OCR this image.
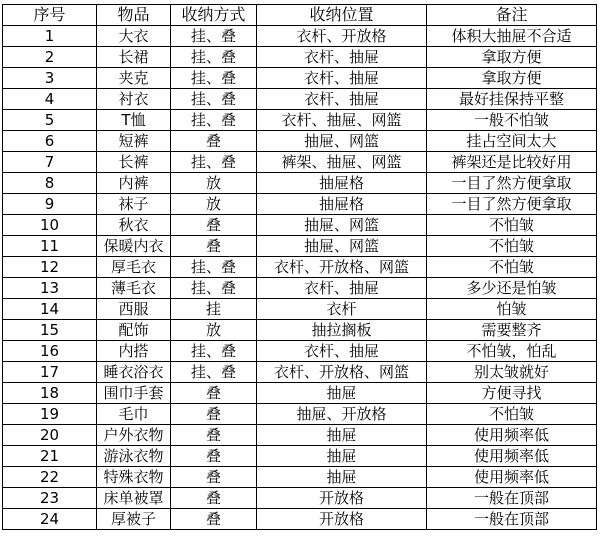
序号	物品	收纳方式	收纳位置	备注
1	大衣	挂、叠	衣杆、开放格	体积大抽屉不合适
2	长裙	挂、叠	衣杆、抽屉	拿取方便
3	夹克	挂、叠	衣杆、抽屉	拿取方便
4	衬衣	挂、叠	衣杆、抽屉	最好挂保持平整
5	T恤	挂、叠	衣杆、抽屉、网篮	一般不怕皱
6	短裤	叠	抽屉、网篮	挂占空间太大
7	长裤	挂、叠	裤架、抽屉、网篮	裤架还是比较好用
8	内裤	放	抽屉格	一目了然方便拿取
9	袜子	放	抽屉格	一目了然方便拿取
10	秋衣	叠	抽屉、网篮	不怕皱
11	保暖内衣	叠	抽屉、网篮	不怕皱
12	厚毛衣	挂、叠	衣杆、开放格、网篮	不怕皱
13	薄毛衣	挂、叠	衣杆、抽屉	多少还是怕皱
14	西服	挂	衣杆	怕皱
15	配饰	放	抽拉搁板	需要整齐
16	内搭	挂、叠	衣杆、抽屉	不怕皱，怕乱
17	睡衣浴衣	挂、叠	衣杆、开放格、网篮	别太皱就好
18	围巾手套	叠	抽屉	方便寻找
19	毛巾	叠	抽屉、开放格	不怕皱
20	户外衣物	叠	抽屉	使用频率低
21	游泳衣物	叠	抽屉	使用频率低
22	特殊衣物	叠	抽屉	使用频率低
23	床单被罩	叠	开放格	一般在顶部
24	厚被子	叠	开放格	一般在顶部
